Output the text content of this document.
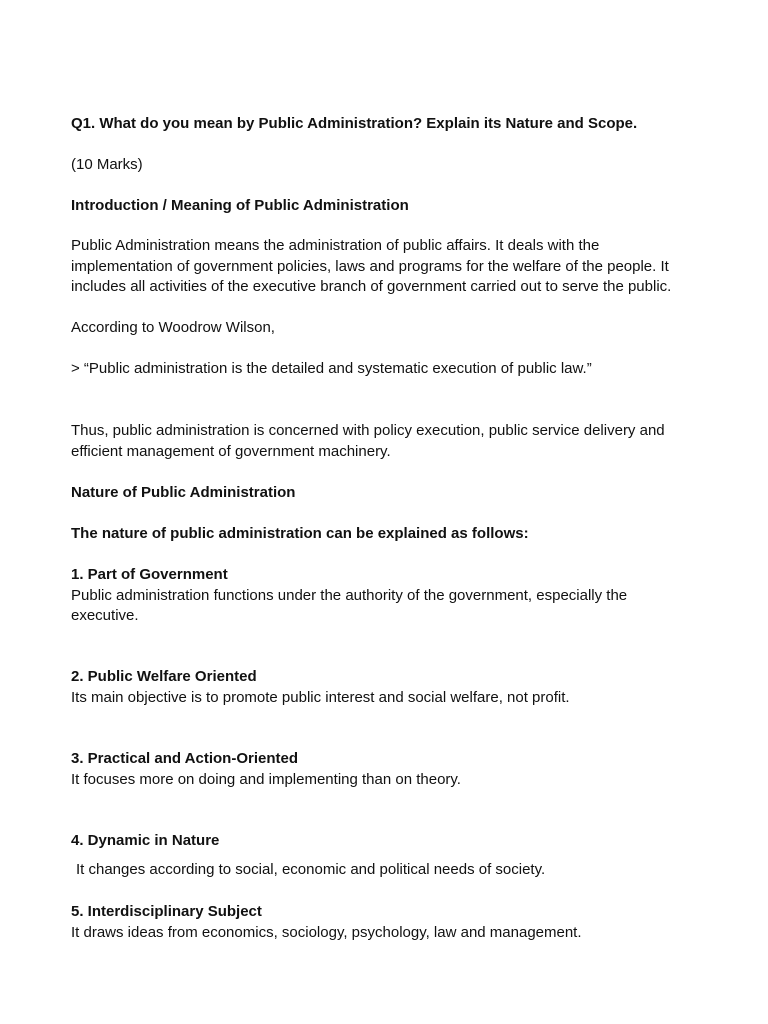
Q1. What do you mean by Public Administration? Explain its Nature and Scope.

(10 Marks)

Introduction / Meaning of Public Administration

Public Administration means the administration of public affairs. It deals with the implementation of government policies, laws and programs for the welfare of the people. It includes all activities of the executive branch of government carried out to serve the public.

According to Woodrow Wilson,

> “Public administration is the detailed and systematic execution of public law.”

Thus, public administration is concerned with policy execution, public service delivery and efficient management of government machinery.

Nature of Public Administration

The nature of public administration can be explained as follows:

1. Part of Government
Public administration functions under the authority of the government, especially the executive.
2. Public Welfare Oriented
Its main objective is to promote public interest and social welfare, not profit.
3. Practical and Action-Oriented
It focuses more on doing and implementing than on theory.

4. Dynamic in Nature

It changes according to social, economic and political needs of society.

5. Interdisciplinary Subject
It draws ideas from economics, sociology, psychology, law and management.
